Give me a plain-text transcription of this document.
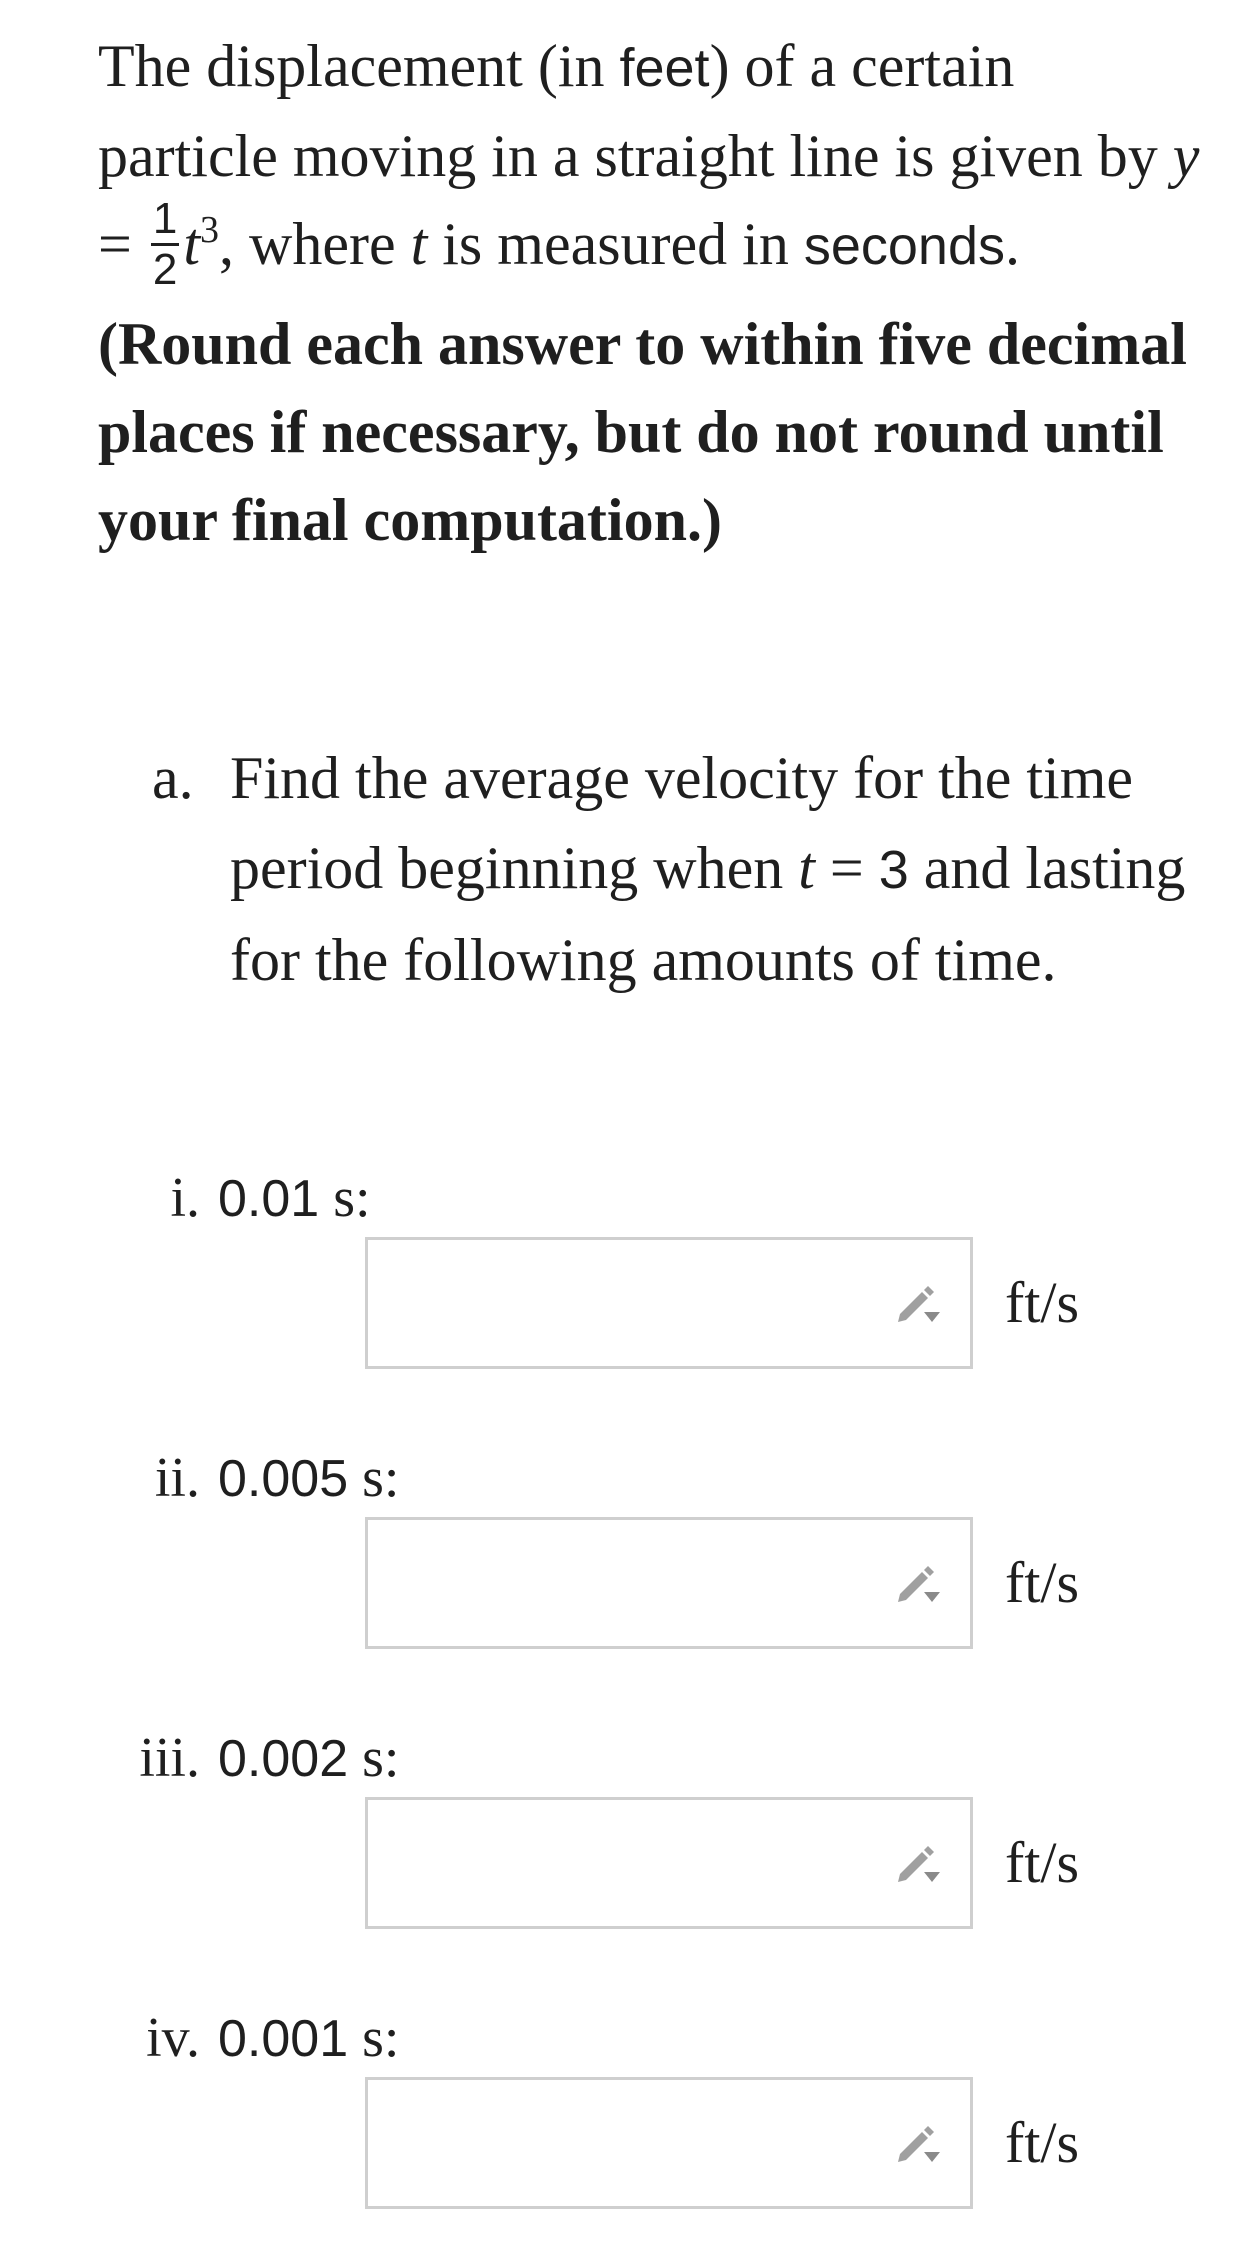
The displacement (in feet) of a certain particle moving in a straight line is given by $y = \frac{1}{2} t^3$, where t is measured in seconds. (Round each answer to within five decimal places if necessary, but do not round until your final computation.)

a. Find the average velocity for the time period beginning when t = 3 and lasting for the following amounts of time.
i. 0.01 s:
ft/s
ii. 0.005 s:
ft/s
iii. 0.002 s:
ft/s
iv. 0.001 s:
ft/s
